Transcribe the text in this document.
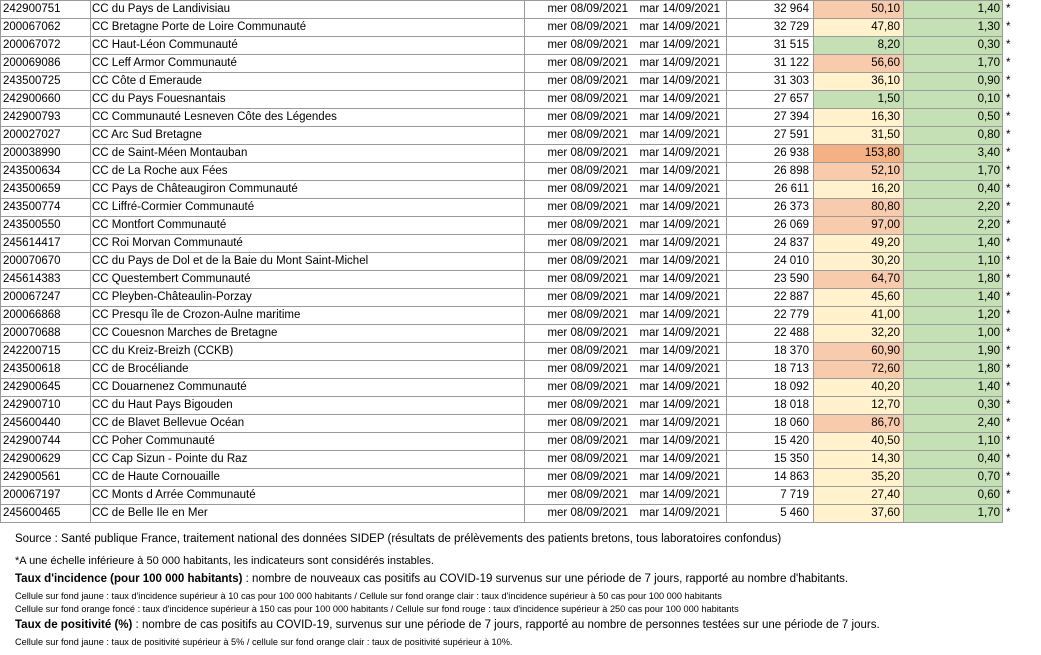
242900751	CC du Pays de Landivisiau	mer 08/09/2021	mar 14/09/2021	32 964	50,10	1,40	*
200067062	CC Bretagne Porte de Loire Communauté	mer 08/09/2021	mar 14/09/2021	32 729	47,80	1,30	*
200067072	CC Haut-Léon Communauté	mer 08/09/2021	mar 14/09/2021	31 515	8,20	0,30	*
200069086	CC Leff Armor Communauté	mer 08/09/2021	mar 14/09/2021	31 122	56,60	1,70	*
243500725	CC Côte d Emeraude	mer 08/09/2021	mar 14/09/2021	31 303	36,10	0,90	*
242900660	CC du Pays Fouesnantais	mer 08/09/2021	mar 14/09/2021	27 657	1,50	0,10	*
242900793	CC Communauté Lesneven Côte des Légendes	mer 08/09/2021	mar 14/09/2021	27 394	16,30	0,50	*
200027027	CC Arc Sud Bretagne	mer 08/09/2021	mar 14/09/2021	27 591	31,50	0,80	*
200038990	CC de Saint-Méen Montauban	mer 08/09/2021	mar 14/09/2021	26 938	153,80	3,40	*
243500634	CC de La Roche aux Fées	mer 08/09/2021	mar 14/09/2021	26 898	52,10	1,70	*
243500659	CC Pays de Châteaugiron Communauté	mer 08/09/2021	mar 14/09/2021	26 611	16,20	0,40	*
243500774	CC Liffré-Cormier Communauté	mer 08/09/2021	mar 14/09/2021	26 373	80,80	2,20	*
243500550	CC Montfort Communauté	mer 08/09/2021	mar 14/09/2021	26 069	97,00	2,20	*
245614417	CC Roi Morvan Communauté	mer 08/09/2021	mar 14/09/2021	24 837	49,20	1,40	*
200070670	CC du Pays de Dol et de la Baie du Mont Saint-Michel	mer 08/09/2021	mar 14/09/2021	24 010	30,20	1,10	*
245614383	CC Questembert Communauté	mer 08/09/2021	mar 14/09/2021	23 590	64,70	1,80	*
200067247	CC Pleyben-Châteaulin-Porzay	mer 08/09/2021	mar 14/09/2021	22 887	45,60	1,40	*
200066868	CC Presqu île de Crozon-Aulne maritime	mer 08/09/2021	mar 14/09/2021	22 779	41,00	1,20	*
200070688	CC Couesnon Marches de Bretagne	mer 08/09/2021	mar 14/09/2021	22 488	32,20	1,00	*
242200715	CC du Kreiz-Breizh (CCKB)	mer 08/09/2021	mar 14/09/2021	18 370	60,90	1,90	*
243500618	CC de Brocéliande	mer 08/09/2021	mar 14/09/2021	18 713	72,60	1,80	*
242900645	CC Douarnenez Communauté	mer 08/09/2021	mar 14/09/2021	18 092	40,20	1,40	*
242900710	CC du Haut Pays Bigouden	mer 08/09/2021	mar 14/09/2021	18 018	12,70	0,30	*
245600440	CC de Blavet Bellevue Océan	mer 08/09/2021	mar 14/09/2021	18 060	86,70	2,40	*
242900744	CC Poher Communauté	mer 08/09/2021	mar 14/09/2021	15 420	40,50	1,10	*
242900629	CC Cap Sizun - Pointe du Raz	mer 08/09/2021	mar 14/09/2021	15 350	14,30	0,40	*
242900561	CC de Haute Cornouaille	mer 08/09/2021	mar 14/09/2021	14 863	35,20	0,70	*
200067197	CC Monts d Arrée Communauté	mer 08/09/2021	mar 14/09/2021	7 719	27,40	0,60	*
245600465	CC de Belle Ile en Mer	mer 08/09/2021	mar 14/09/2021	5 460	37,60	1,70	*
Source : Santé publique France, traitement national des données SIDEP (résultats de prélèvements des patients bretons, tous laboratoires confondus)
*A une échelle inférieure à 50 000 habitants, les indicateurs sont considérés instables.
Taux d'incidence (pour 100 000 habitants) : nombre de nouveaux cas positifs au COVID-19 survenus sur une période de 7 jours, rapporté au nombre d'habitants.
Cellule sur fond jaune : taux d'incidence supérieur à 10 cas pour 100 000 habitants / Cellule sur fond orange clair : taux d'incidence supérieur à 50 cas pour 100 000 habitants
Cellule sur fond orange foncé : taux d'incidence supérieur à 150 cas pour 100 000 habitants / Cellule sur fond rouge : taux d'incidence supérieur à 250 cas pour 100 000 habitants
Taux de positivité (%) : nombre de cas positifs au COVID-19, survenus sur une période de 7 jours, rapporté au nombre de personnes testées sur une période de 7 jours.
Cellule sur fond jaune : taux de positivité supérieur à 5% / cellule sur fond orange clair : taux de positivité supérieur à 10%.
